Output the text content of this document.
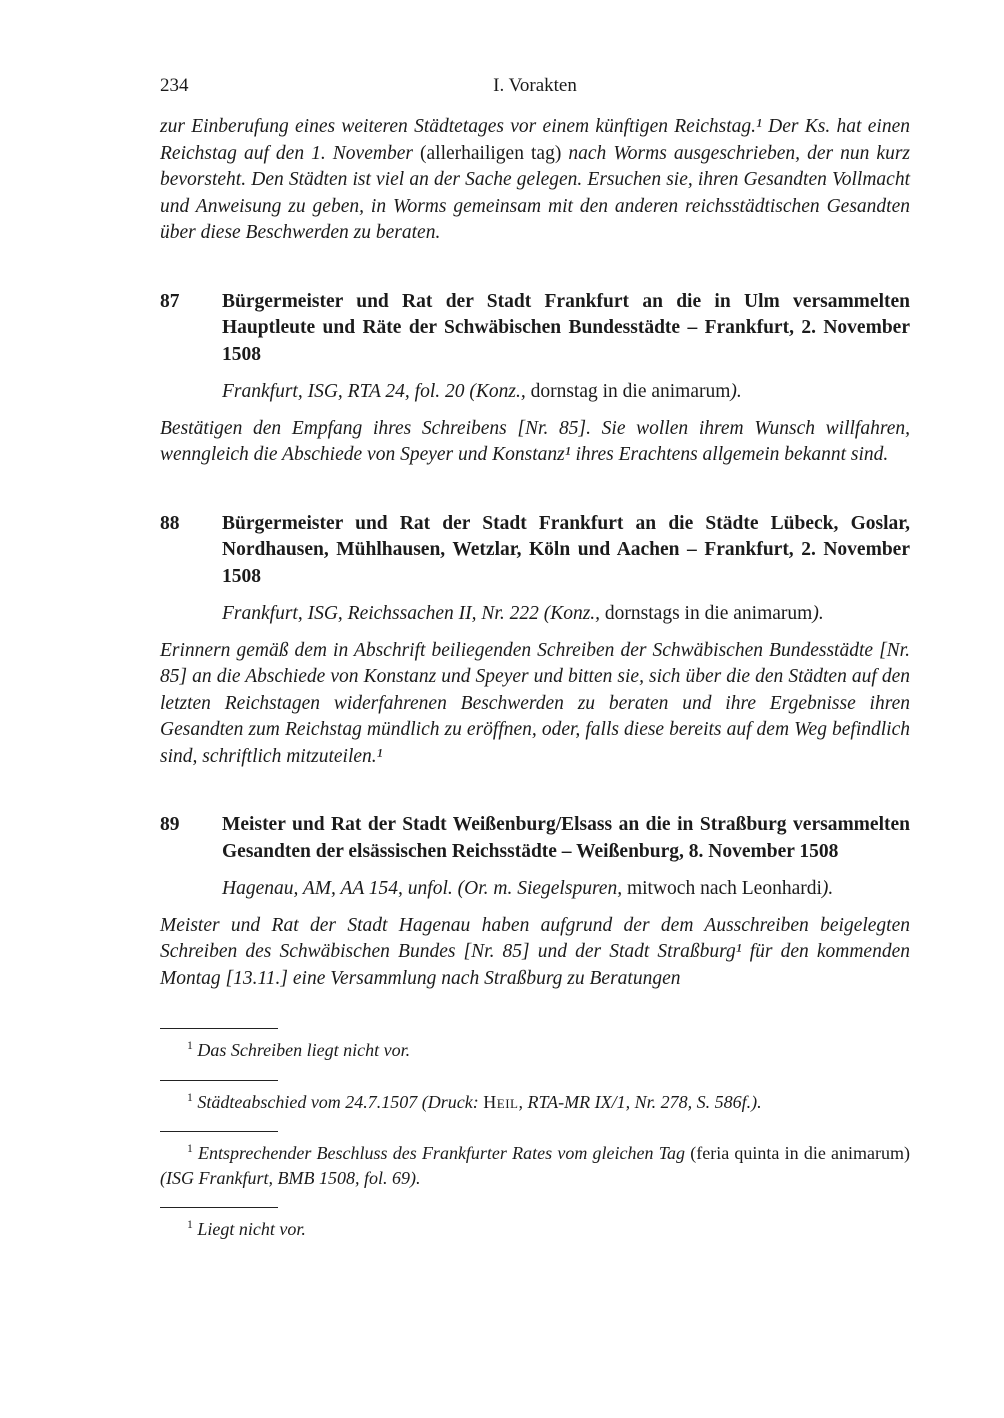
234	I. Vorakten

zur Einberufung eines weiteren Städtetages vor einem künftigen Reichstag.¹ Der Ks. hat einen Reichstag auf den 1. November (allerhailigen tag) nach Worms ausgeschrieben, der nun kurz bevorsteht. Den Städten ist viel an der Sache gelegen. Ersuchen sie, ihren Gesandten Vollmacht und Anweisung zu geben, in Worms gemeinsam mit den anderen reichsstädtischen Gesandten über diese Beschwerden zu beraten.

87 Bürgermeister und Rat der Stadt Frankfurt an die in Ulm versammelten Hauptleute und Räte der Schwäbischen Bundesstädte – Frankfurt, 2. November 1508

Frankfurt, ISG, RTA 24, fol. 20 (Konz., dornstag in die animarum).

Bestätigen den Empfang ihres Schreibens [Nr. 85]. Sie wollen ihrem Wunsch willfahren, wenngleich die Abschiede von Speyer und Konstanz¹ ihres Erachtens allgemein bekannt sind.

88 Bürgermeister und Rat der Stadt Frankfurt an die Städte Lübeck, Goslar, Nordhausen, Mühlhausen, Wetzlar, Köln und Aachen – Frankfurt, 2. November 1508

Frankfurt, ISG, Reichssachen II, Nr. 222 (Konz., dornstags in die animarum).

Erinnern gemäß dem in Abschrift beiliegenden Schreiben der Schwäbischen Bundesstädte [Nr. 85] an die Abschiede von Konstanz und Speyer und bitten sie, sich über die den Städten auf den letzten Reichstagen widerfahrenen Beschwerden zu beraten und ihre Ergebnisse ihren Gesandten zum Reichstag mündlich zu eröffnen, oder, falls diese bereits auf dem Weg befindlich sind, schriftlich mitzuteilen.¹

89 Meister und Rat der Stadt Weißenburg/Elsass an die in Straßburg versammelten Gesandten der elsässischen Reichsstädte – Weißenburg, 8. November 1508

Hagenau, AM, AA 154, unfol. (Or. m. Siegelspuren, mitwoch nach Leonhardi).

Meister und Rat der Stadt Hagenau haben aufgrund der dem Ausschreiben beigelegten Schreiben des Schwäbischen Bundes [Nr. 85] und der Stadt Straßburg¹ für den kommenden Montag [13.11.] eine Versammlung nach Straßburg zu Beratungen

$^1$ Das Schreiben liegt nicht vor.

$^1$ Städteabschied vom 24.7.1507 (Druck: Heil, RTA-MR IX/1, Nr. 278, S. 586f.).

$^1$ Entsprechender Beschluss des Frankfurter Rates vom gleichen Tag (feria quinta in die animarum) (ISG Frankfurt, BMB 1508, fol. 69).

$^1$ Liegt nicht vor.
